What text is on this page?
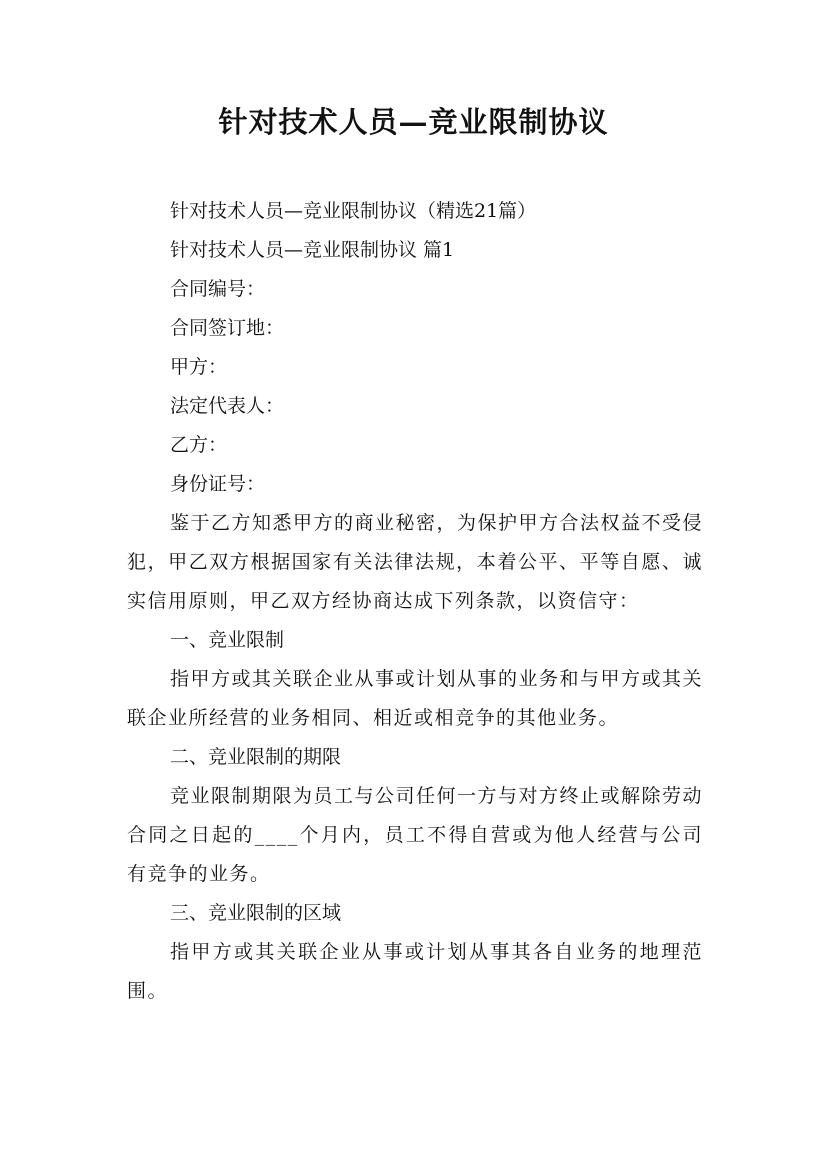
针对技术人员—竞业限制协议
针对技术人员—竞业限制协议（精选21篇）
针对技术人员—竞业限制协议 篇1
合同编号：
合同签订地：
甲方：
法定代表人：
乙方：
身份证号：
鉴于乙方知悉甲方的商业秘密，为保护甲方合法权益不受侵犯，甲乙双方根据国家有关法律法规，本着公平、平等自愿、诚实信用原则，甲乙双方经协商达成下列条款，以资信守：
一、竞业限制
指甲方或其关联企业从事或计划从事的业务和与甲方或其关联企业所经营的业务相同、相近或相竞争的其他业务。
二、竞业限制的期限
竞业限制期限为员工与公司任何一方与对方终止或解除劳动合同之日起的____个月内，员工不得自营或为他人经营与公司有竞争的业务。
三、竞业限制的区域
指甲方或其关联企业从事或计划从事其各自业务的地理范围。
